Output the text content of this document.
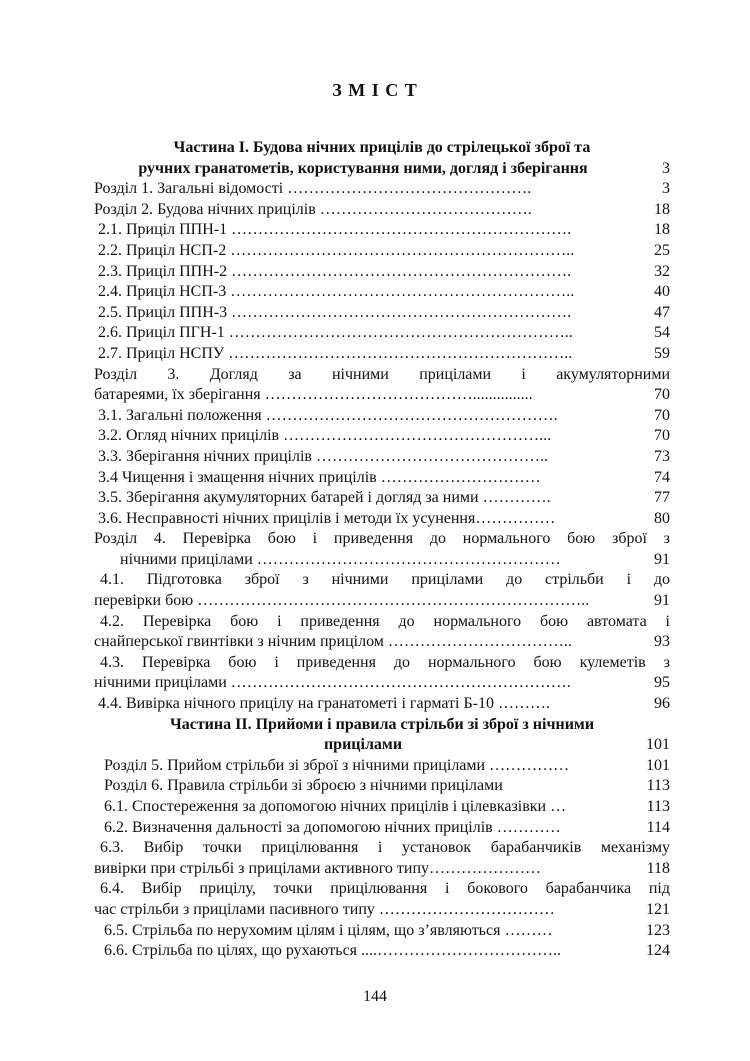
З М І С Т
Частина І. Будова нічних прицілів до стрілецької зброї та
ручних гранатометів, користування ними, догляд і зберігання	3
Розділ 1. Загальні відомості ……………………………………….	3
Розділ 2. Будова нічних прицілів ………………………………….	18
2.1. Приціл ППН-1 ……………………………………………………….	18
2.2. Приціл НСП-2 ………………………………………………………..	25
2.3. Приціл ППН-2 ……………………………………………………….	32
2.4. Приціл НСП-3 ………………………………………………………..	40
2.5. Приціл ППН-3 ……………………………………………………….	47
2.6. Приціл ПГН-1 ………………………………………………………..	54
2.7. Приціл НСПУ ………………………………………………………..	59
Розділ 3. Догляд за нічними прицілами і акумуляторними
батареями, їх зберігання …………………………………...............	70
3.1. Загальні положення ……………………………………………….	70
3.2. Огляд нічних прицілів …………………………………………...	70
3.3. Зберігання нічних прицілів ……………………………………..	73
3.4 Чищення і змащення нічних прицілів …………………………	74
3.5. Зберігання акумуляторних батарей і догляд за ними ………….	77
3.6. Несправності нічних прицілів і методи їх усунення……………	80
Розділ 4. Перевірка бою і приведення до нормального бою зброї з
нічними прицілами …………………………………………………	91
4.1. Підготовка зброї з нічними прицілами до стрільби і до
перевірки бою ………………………………………………………………..	91
4.2. Перевірка бою і приведення до нормального бою автомата і
снайперської гвинтівки з нічним прицілом ……………………………..	93
4.3. Перевірка бою і приведення до нормального бою кулеметів з
нічними прицілами ……………………………………………………….	95
4.4. Вивірка нічного прицілу на гранатометі і гарматі Б-10 ……….	96
Частина ІІ. Прийоми і правила стрільби зі зброї з нічними
прицілами	101
Розділ 5. Прийом стрільби зі зброї з нічними прицілами ……………	101
Розділ 6. Правила стрільби зі зброєю з нічними прицілами	113
6.1. Спостереження за допомогою нічних прицілів і цілевказівки …	113
6.2. Визначення дальності за допомогою нічних прицілів …………	114
6.3. Вибір точки прицілювання і установок барабанчиків механізму
вивірки при стрільбі з прицілами активного типу…………………	118
6.4. Вибір прицілу, точки прицілювання і бокового барабанчика під
час стрільби з прицілами пасивного типу ……………………………	121
6.5. Стрільба по нерухомим цілям і цілям, що з’являються ………	123
6.6. Стрільба по цілях, що рухаються ....……………………………..	124
144
